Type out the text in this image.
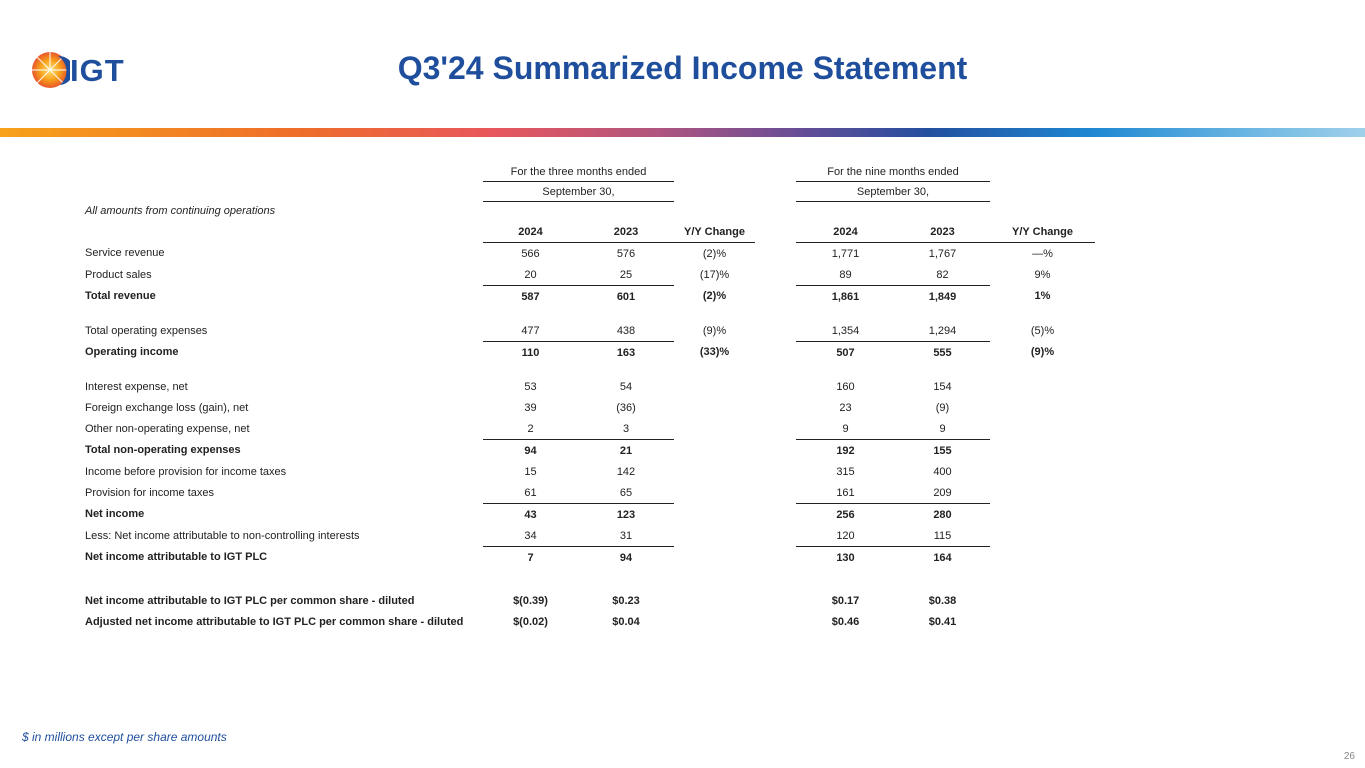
IGT	Q3'24 Summarized Income Statement
	For the three months ended				For the nine months ended		
	September 30,				September 30,		
All amounts from continuing operations							
	2024	2023	Y/Y Change		2024	2023	Y/Y Change
Service revenue	566	576	(2)%		1,771	1,767	—%
Product sales	20	25	(17)%		89	82	9%
Total revenue	587	601	(2)%		1,861	1,849	1%

Total operating expenses	477	438	(9)%		1,354	1,294	(5)%
Operating income	110	163	(33)%		507	555	(9)%

Interest expense, net	53	54			160	154	
Foreign exchange loss (gain), net	39	(36)			23	(9)	
Other non-operating expense, net	2	3			9	9	
Total non-operating expenses	94	21			192	155	
Income before provision for income taxes	15	142			315	400	
Provision for income taxes	61	65			161	209	
Net income	43	123			256	280	
Less: Net income attributable to non-controlling interests	34	31			120	115	
Net income attributable to IGT PLC	7	94			130	164	

Net income attributable to IGT PLC per common share - diluted	$(0.39)	$0.23			$0.17	$0.38	
Adjusted net income attributable to IGT PLC per common share - diluted	$(0.02)	$0.04			$0.46	$0.41	
$ in millions except per share amounts
26
